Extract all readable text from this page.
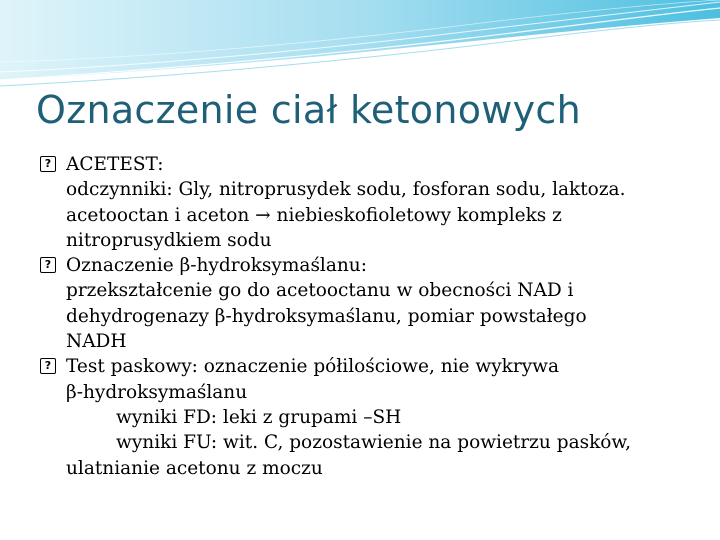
Oznaczenie ciał ketonowych

? ACETEST:
odczynniki: Gly, nitroprusydek sodu, fosforan sodu, laktoza.
acetooctan i aceton → niebieskofioletowy kompleks z
nitroprusydkiem sodu

? Oznaczenie β-hydroksymaślanu:
przekształcenie go do acetooctanu w obecności NAD i
dehydrogenazy β-hydroksymaślanu, pomiar powstałego
NADH

? Test paskowy: oznaczenie półilościowe, nie wykrywa
β-hydroksymaślanu
wyniki FD: leki z grupami –SH
wyniki FU: wit. C, pozostawienie na powietrzu pasków,
ulatnianie acetonu z moczu
